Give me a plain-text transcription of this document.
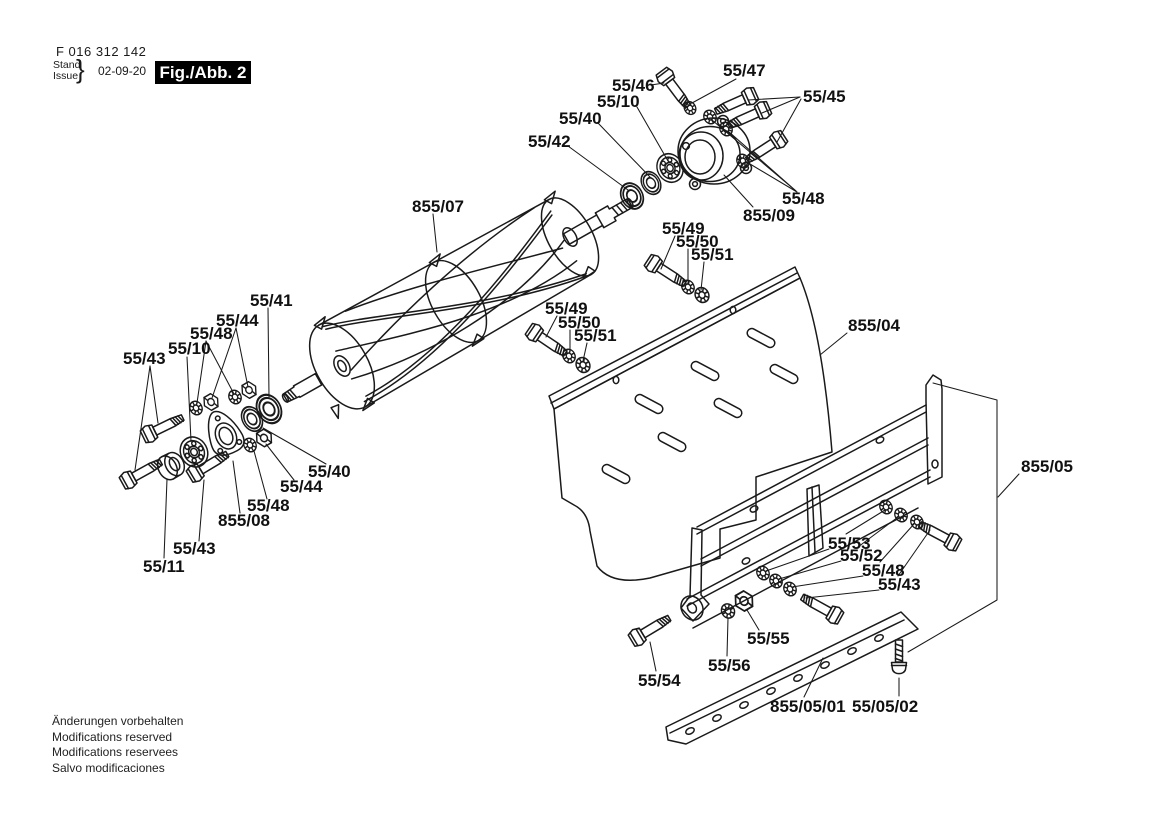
F 016 312 142
Stand
Issue
} 02-09-20 Fig./Abb. 2
Änderungen vorbehalten
Modifications reserved
Modifications reservees
Salvo modificaciones
55/46
55/47
55/45
55/10
55/40
55/42
55/48
855/09
855/07
55/49
55/50
55/51
55/49
55/50
55/51
855/04
55/41
55/44
55/48
55/10
55/43
55/40
55/44
55/48
855/08
55/43
55/11
855/05
55/53
55/52
55/48
55/43
55/55
55/56
55/54
855/05/01 55/05/02
